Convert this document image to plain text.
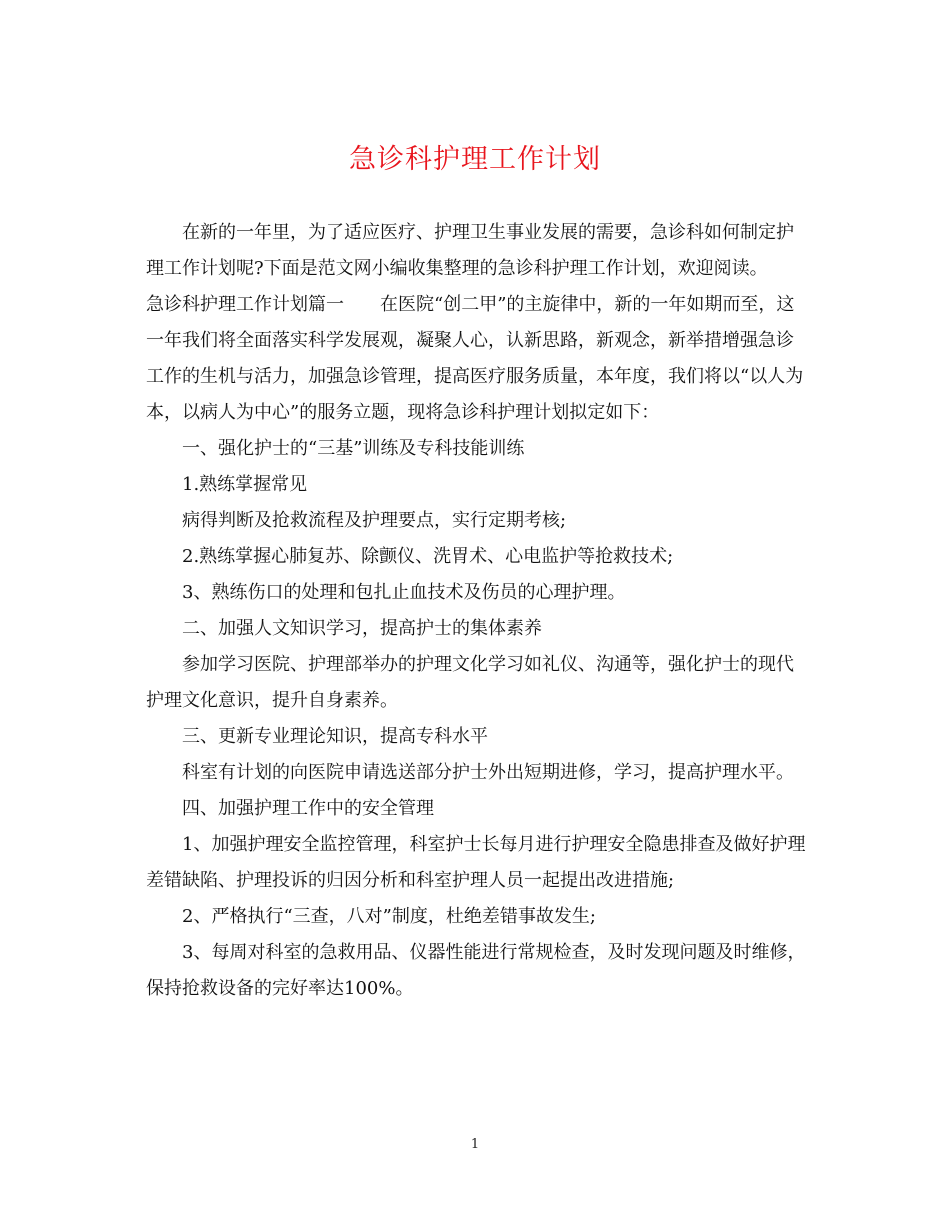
急诊科护理工作计划

在新的一年里，为了适应医疗、护理卫生事业发展的需要，急诊科如何制定护理工作计划呢?下面是范文网小编收集整理的急诊科护理工作计划，欢迎阅读。

急诊科护理工作计划篇一　　在医院“创二甲”的主旋律中，新的一年如期而至，这一年我们将全面落实科学发展观，凝聚人心，认新思路，新观念，新举措增强急诊工作的生机与活力，加强急诊管理，提高医疗服务质量，本年度，我们将以“以人为本，以病人为中心”的服务立题，现将急诊科护理计划拟定如下：

一、强化护士的“三基”训练及专科技能训练

1.熟练掌握常见

病得判断及抢救流程及护理要点，实行定期考核;

2.熟练掌握心肺复苏、除颤仪、洗胃术、心电监护等抢救技术;

3、熟练伤口的处理和包扎止血技术及伤员的心理护理。

二、加强人文知识学习，提高护士的集体素养

参加学习医院、护理部举办的护理文化学习如礼仪、沟通等，强化护士的现代护理文化意识，提升自身素养。

三、更新专业理论知识，提高专科水平

科室有计划的向医院申请选送部分护士外出短期进修，学习，提高护理水平。

四、加强护理工作中的安全管理

1、加强护理安全监控管理，科室护士长每月进行护理安全隐患排查及做好护理差错缺陷、护理投诉的归因分析和科室护理人员一起提出改进措施;

2、严格执行“三查，八对”制度，杜绝差错事故发生;

3、每周对科室的急救用品、仪器性能进行常规检查，及时发现问题及时维修，保持抢救设备的完好率达100%。

1
